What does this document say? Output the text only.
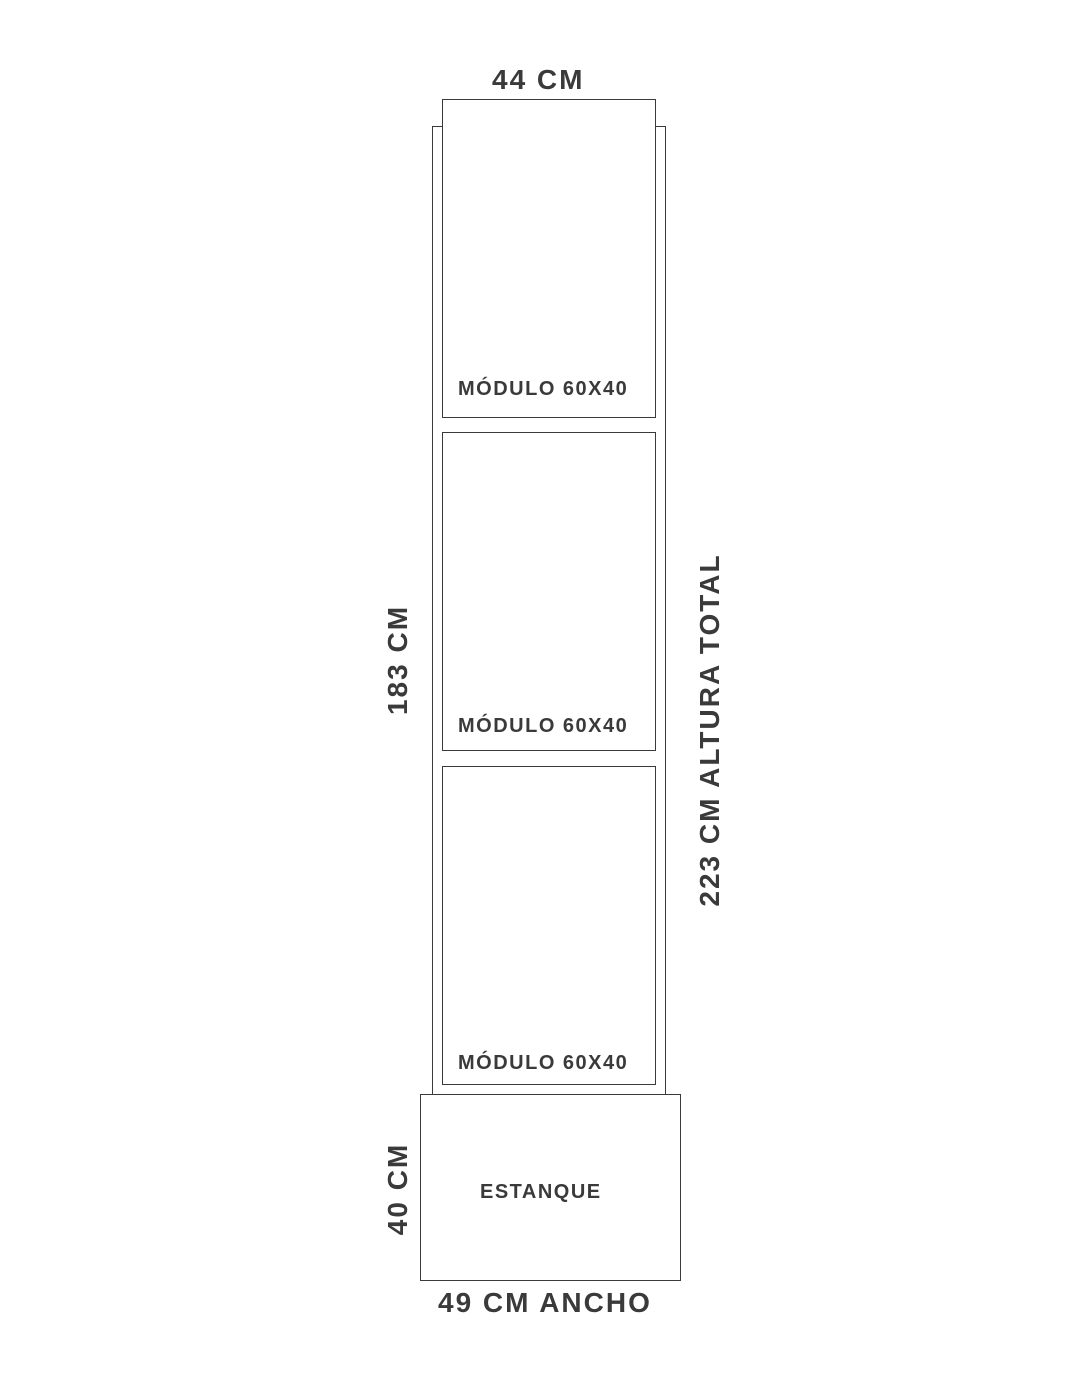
44 CM
MÓDULO 60X40
MÓDULO 60X40
MÓDULO 60X40
ESTANQUE
183 CM	223 CM ALTURA TOTAL
40 CM
49 CM ANCHO
